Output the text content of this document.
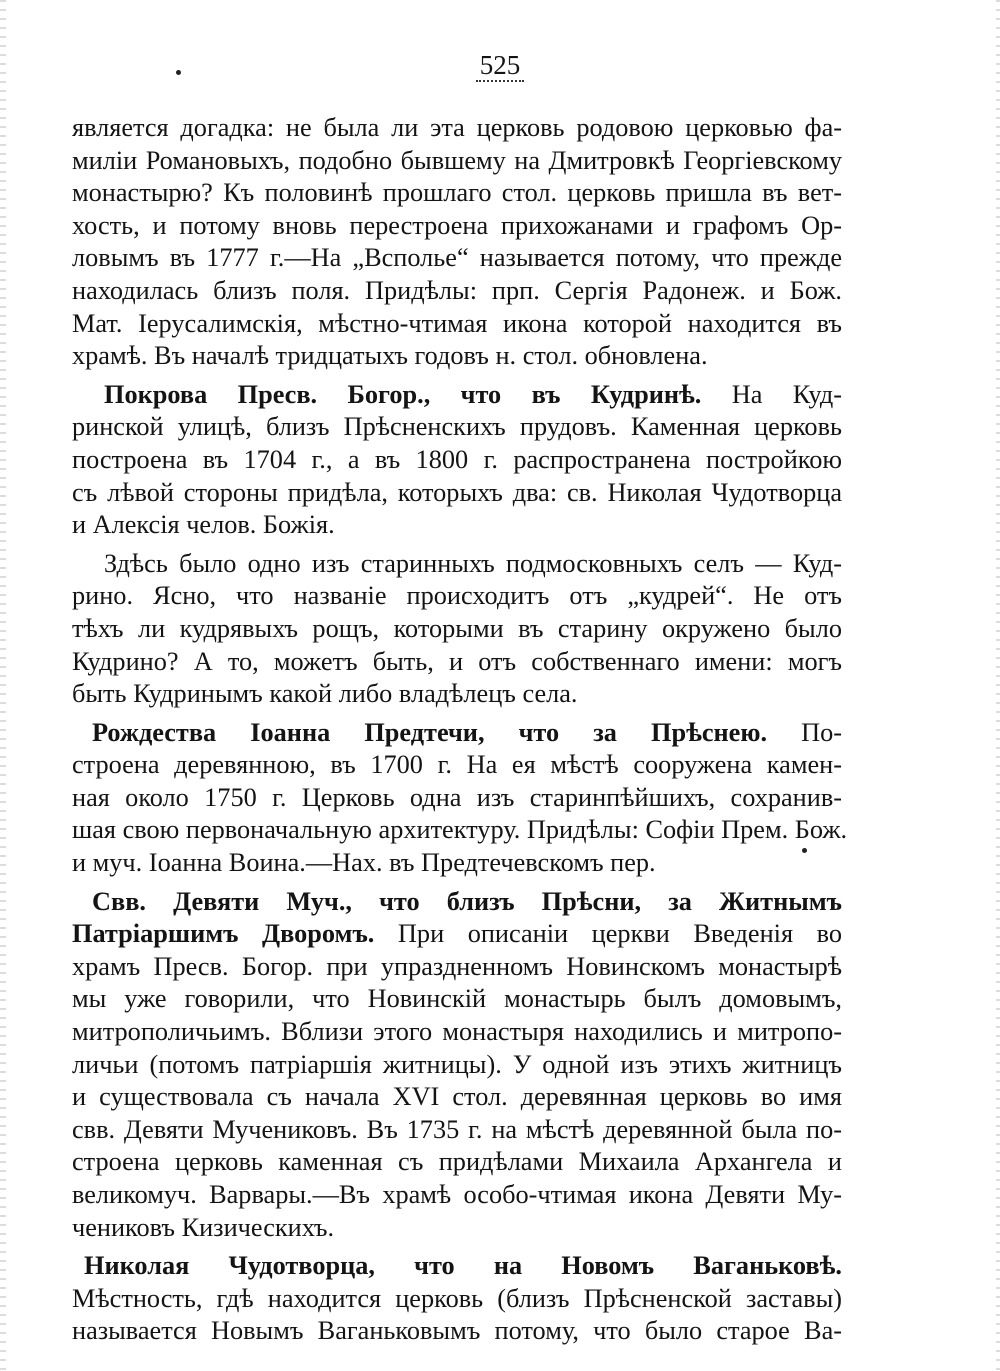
525

является догадка: не была ли эта церковь родовою церковью фа-
миліи Романовыхъ, подобно бывшему на Дмитровкѣ Георгіевскому
монастырю? Къ половинѣ прошлаго стол. церковь пришла въ вет-
хость, и потому вновь перестроена прихожанами и графомъ Ор-
ловымъ въ 1777 г.—На „Всполье“ называется потому, что прежде
находилась близъ поля. Придѣлы: прп. Сергія Радонеж. и Бож.
Мат. Іерусалимскія, мѣстно-чтимая икона которой находится въ
храмѣ. Въ началѣ тридцатыхъ годовъ н. стол. обновлена.

Покрова Пресв. Богор., что въ Кудринѣ. На Куд-
ринской улицѣ, близъ Прѣсненскихъ прудовъ. Каменная церковь
построена въ 1704 г., а въ 1800 г. распространена постройкою
съ лѣвой стороны придѣла, которыхъ два: св. Николая Чудотворца
и Алексія челов. Божія.

Здѣсь было одно изъ старинныхъ подмосковныхъ селъ — Куд-
рино. Ясно, что названіе происходитъ отъ „кудрей“. Не отъ
тѣхъ ли кудрявыхъ рощъ, которыми въ старину окружено было
Кудрино? А то, можетъ быть, и отъ собственнаго имени: могъ
быть Кудринымъ какой либо владѣлецъ села.

Рождества Іоанна Предтечи, что за Прѣснею. По-
строена деревянною, въ 1700 г. На ея мѣстѣ сооружена камен-
ная около 1750 г. Церковь одна изъ старинпѣйшихъ, сохранив-
шая свою первоначальную архитектуру. Придѣлы: Софіи Прем. Бож.
и муч. Іоанна Воина.—Нах. въ Предтечевскомъ пер.

Свв. Девяти Муч., что близъ Прѣсни, за Житнымъ
Патріаршимъ Дворомъ. При описаніи церкви Введенія во
храмъ Пресв. Богор. при упраздненномъ Новинскомъ монастырѣ
мы уже говорили, что Новинскій монастырь былъ домовымъ,
митрополичьимъ. Вблизи этого монастыря находились и митропо-
личьи (потомъ патріаршія житницы). У одной изъ этихъ житницъ
и существовала съ начала XVI стол. деревянная церковь во имя
свв. Девяти Мучениковъ. Въ 1735 г. на мѣстѣ деревянной была по-
строена церковь каменная съ придѣлами Михаила Архангела и
великомуч. Варвары.—Въ храмѣ особо-чтимая икона Девяти Му-
чениковъ Кизическихъ.

Николая Чудотворца, что на Новомъ Ваганьковѣ.
Мѣстность, гдѣ находится церковь (близъ Прѣсненской заставы)
называется Новымъ Ваганьковымъ потому, что было старое Ва-
